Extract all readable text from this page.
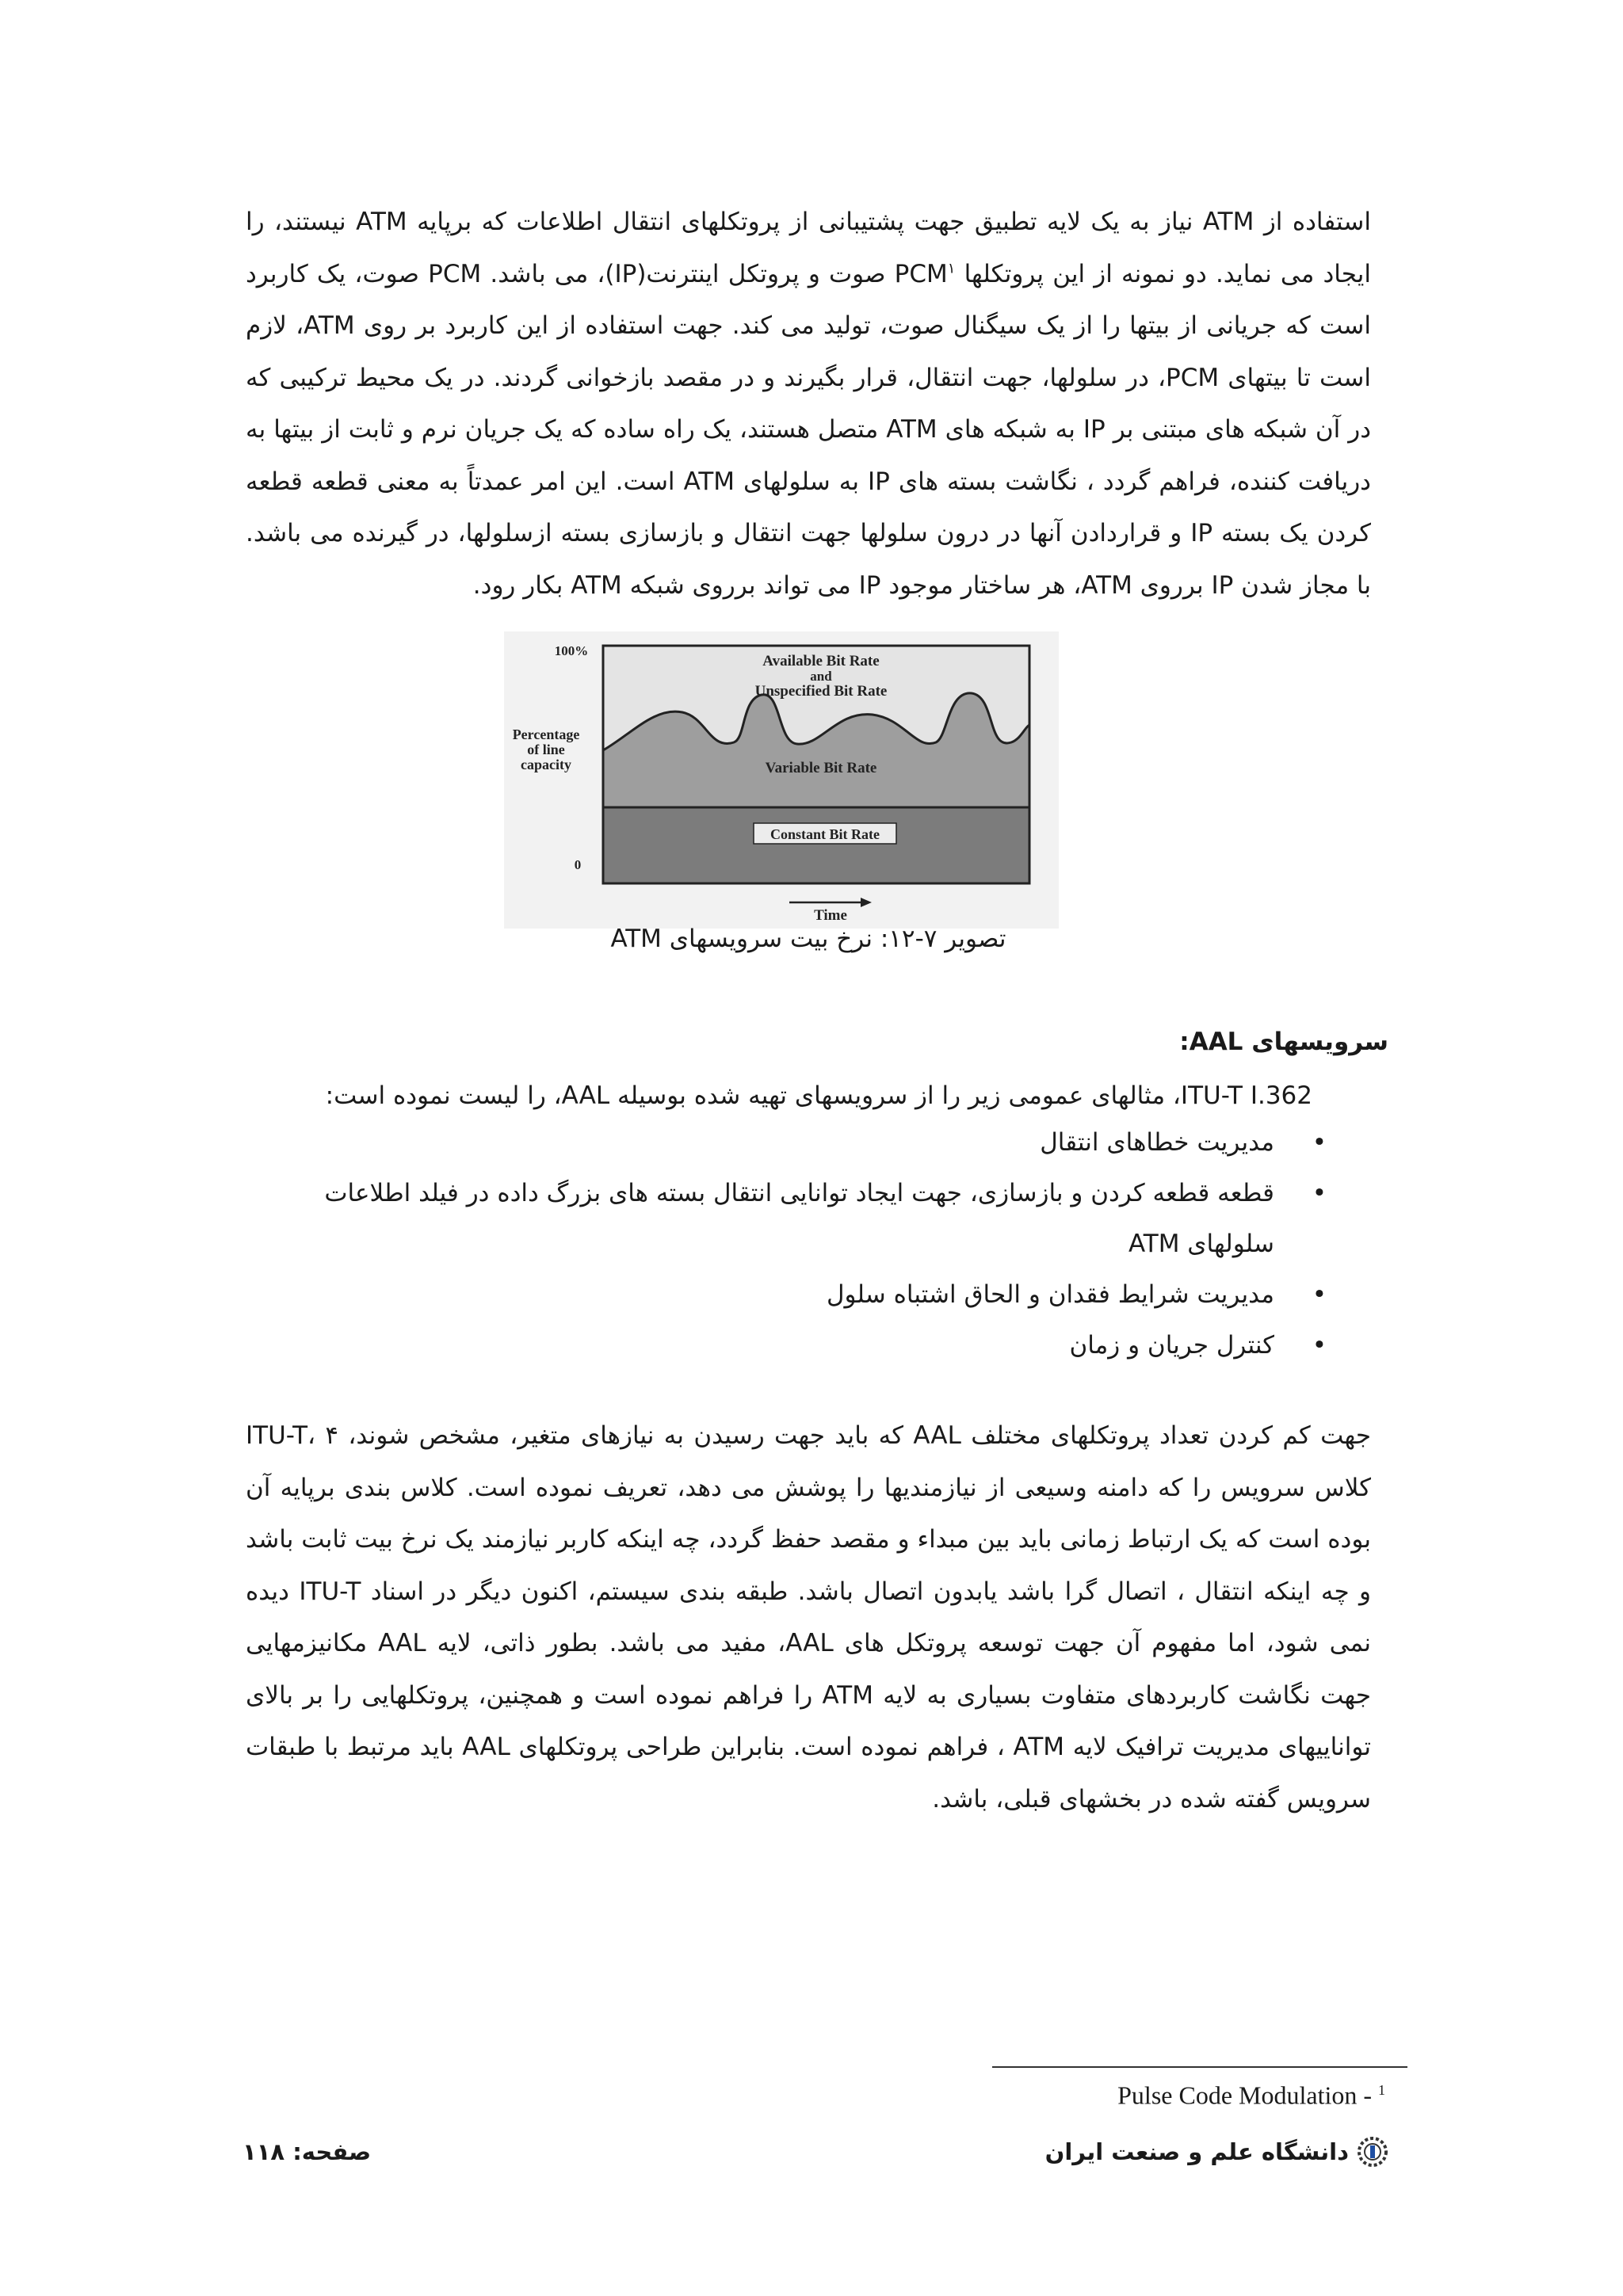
استفاده از ATM نیاز به یک لایه تطبیق جهت پشتیبانی از پروتکلهای انتقال اطلاعات که برپایه ATM نیستند، را ایجاد می نماید. دو نمونه از این پروتکلها PCM$^۱$ صوت و پروتکل اینترنت(IP)، می باشد. PCM صوت، یک کاربرد است که جریانی از بیتها را از یک سیگنال صوت، تولید می کند. جهت استفاده از این کاربرد بر روی ATM، لازم است تا بیتهای PCM، در سلولها، جهت انتقال، قرار بگیرند و در مقصد بازخوانی گردند. در یک محیط ترکیبی که در آن شبکه های مبتنی بر IP به شبکه های ATM متصل هستند، یک راه ساده که یک جریان نرم و ثابت از بیتها به دریافت کننده، فراهم گردد ، نگاشت بسته های IP به سلولهای ATM است. این امر عمدتاً به معنی قطعه قطعه کردن یک بسته IP و قراردادن آنها در درون سلولها جهت انتقال و بازسازی بسته ازسلولها، در گیرنده می باشد. با مجاز شدن IP برروی ATM، هر ساختار موجود IP می تواند برروی شبکه ATM بکار رود.

100%
0
Percentage
of line
capacity
Available Bit Rate
and
Unspecified Bit Rate
Variable Bit Rate
Constant Bit Rate
Time

تصویر ۷-۱۲: نرخ بیت سرویسهای ATM

سرویسهای AAL:

ITU-T I.362، مثالهای عمومی زیر را از سرویسهای تهیه شده بوسیله AAL، را لیست نموده است:

•
مدیریت خطاهای انتقال
•
قطعه قطعه کردن و بازسازی، جهت ایجاد توانایی انتقال بسته های بزرگ داده در فیلد اطلاعات سلولهای ATM
•
مدیریت شرایط فقدان و الحاق اشتباه سلول
•
کنترل جریان و زمان

جهت کم کردن تعداد پروتکلهای مختلف AAL که باید جهت رسیدن به نیازهای متغیر، مشخص شوند، ITU-T، ۴ کلاس سرویس را که دامنه وسیعی از نیازمندیها را پوشش می دهد، تعریف نموده است. کلاس بندی برپایه آن بوده است که یک ارتباط زمانی باید بین مبداء و مقصد حفظ گردد، چه اینکه کاربر نیازمند یک نرخ بیت ثابت باشد و چه اینکه انتقال ، اتصال گرا باشد یابدون اتصال باشد. طبقه بندی سیستم، اکنون دیگر در اسناد ITU-T دیده نمی شود، اما مفهوم آن جهت توسعه پروتکل های AAL، مفید می باشد. بطور ذاتی، لایه AAL مکانیزمهایی جهت نگاشت کاربردهای متفاوت بسیاری به لایه ATM را فراهم نموده است و همچنین، پروتکلهایی را بر بالای تواناییهای مدیریت ترافیک لایه ATM ، فراهم نموده است. بنابراین طراحی پروتکلهای AAL باید مرتبط با طبقات سرویس گفته شده در بخشهای قبلی، باشد.

Pulse Code Modulation - $^1$
صفحه: ۱۱۸	دانشگاه علم و صنعت ایران
